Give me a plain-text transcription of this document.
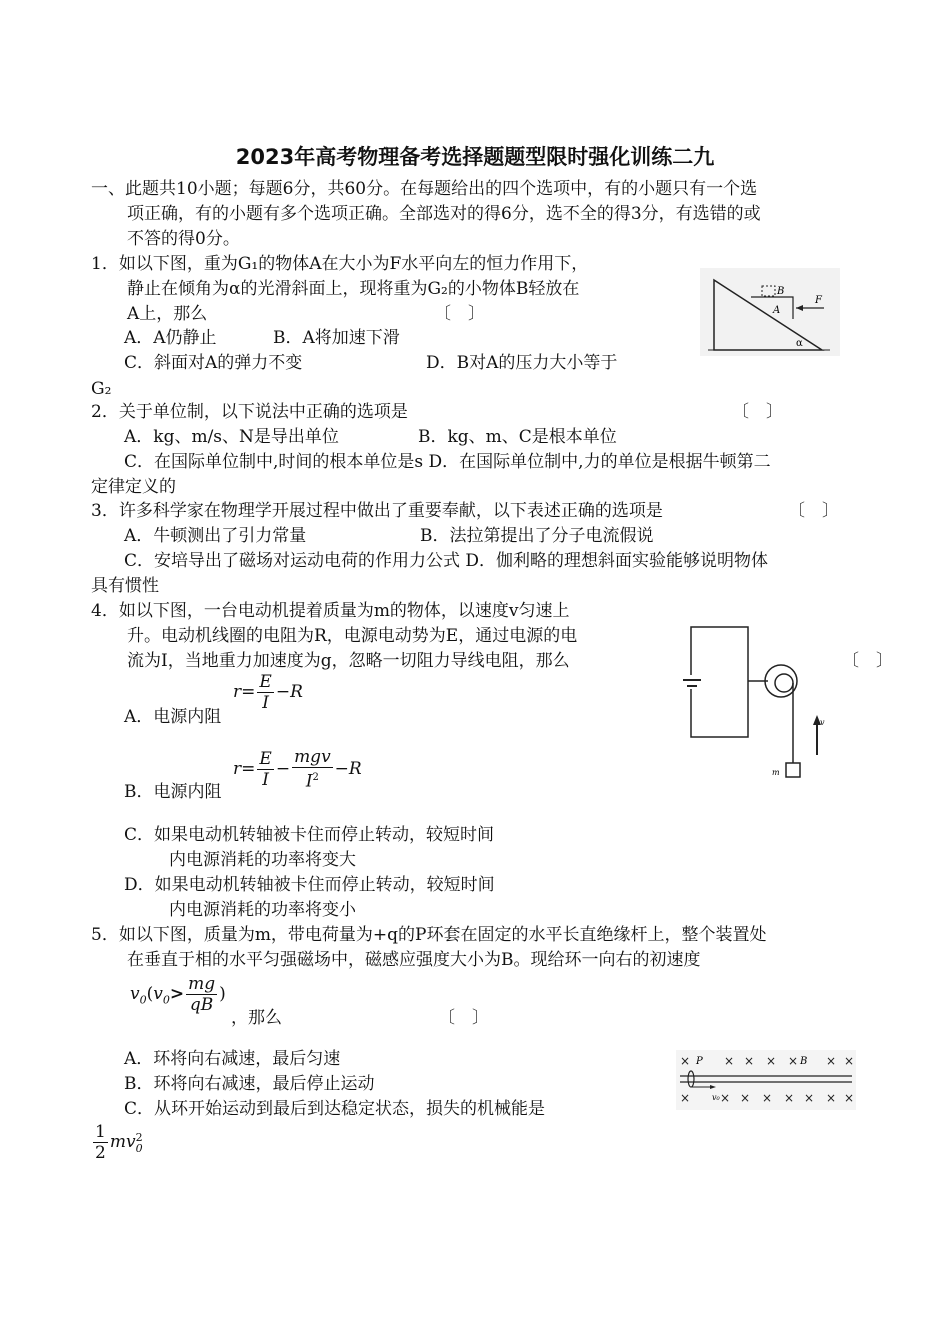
2023年高考物理备考选择题题型限时强化训练二九
一、此题共10小题；每题6分，共60分。在每题给出的四个选项中，有的小题只有一个选
项正确，有的小题有多个选项正确。全部选对的得6分，选不全的得3分，有选错的或
不答的得0分。
1．如以下图，重为G₁的物体A在大小为F水平向左的恒力作用下，
静止在倾角为α的光滑斜面上，现将重为G₂的小物体B轻放在
A上，那么	〔　〕
A．A仍静止	B．A将加速下滑
C．斜面对A的弹力不变	D．B对A的压力大小等于
G₂
B
A
F
α
2．关于单位制，以下说法中正确的选项是	〔　〕
A．kg、m/s、N是导出单位	B．kg、m、C是根本单位
C．在国际单位制中,时间的根本单位是s D．在国际单位制中,力的单位是根据牛顿第二
定律定义的
3．许多科学家在物理学开展过程中做出了重要奉献，以下表述正确的选项是	〔　〕
A．牛顿测出了引力常量	B．法拉第提出了分子电流假说
C．安培导出了磁场对运动电荷的作用力公式 D．伽利略的理想斜面实验能够说明物体
具有惯性
4．如以下图，一台电动机提着质量为m的物体，以速度v匀速上
升。电动机线圈的电阻为R，电源电动势为E，通过电源的电
流为I，当地重力加速度为g，忽略一切阻力导线电阻，那么	〔　〕
A．电源内阻
$r= \frac{E}{I} -R$
B．电源内阻
$r= \frac{E}{I} - \frac{\text{mgv}}{I^2} -R$
C．如果电动机转轴被卡住而停止转动，较短时间
内电源消耗的功率将变大
D．如果电动机转轴被卡住而停止转动，较短时间
内电源消耗的功率将变小
v
m
5．如以下图，质量为m，带电荷量为+q的P环套在固定的水平长直绝缘杆上，整个装置处
在垂直于相的水平匀强磁场中，磁感应强度大小为B。现给环一向右的初速度
$v_0(v_0> \frac{mg}{qB}$ )
，那么	〔　〕
A．环将向右减速，最后匀速
B．环将向右减速，最后停止运动
C．从环开始运动到最后到达稳定状态，损失的机械能是
$\frac{1}{2}$ mv 2
0
×	× × × × × ×
× × × × × × × ×
P	B
v₀
